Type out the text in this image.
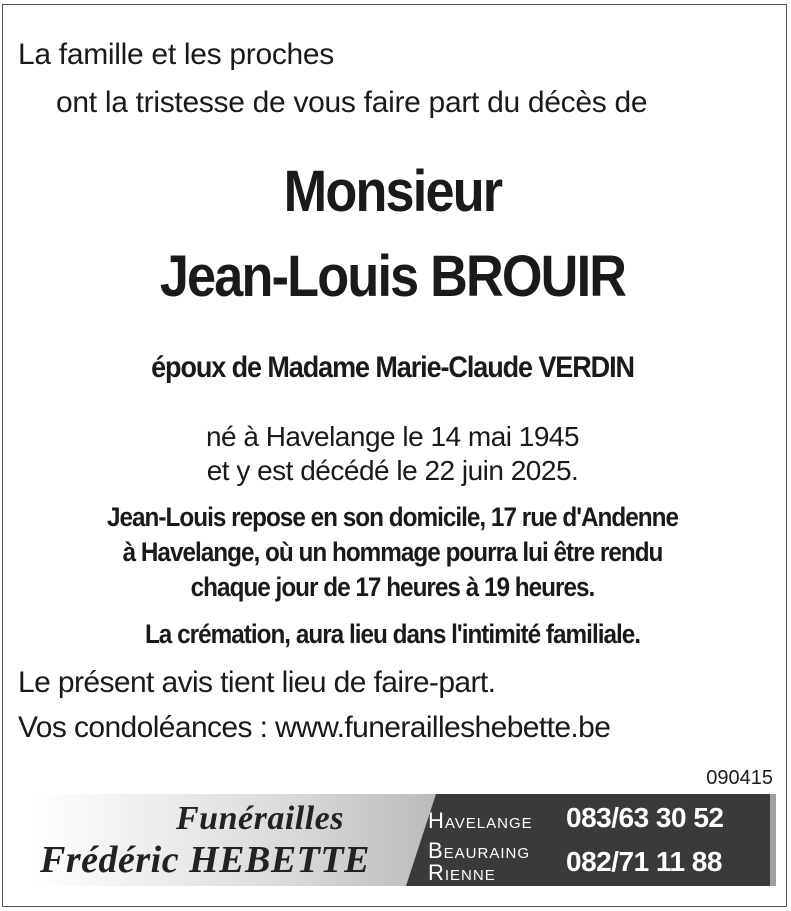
La famille et les proches
ont la tristesse de vous faire part du décès de
Monsieur
Jean-Louis BROUIR
époux de Madame Marie-Claude VERDIN
né à Havelange le 14 mai 1945
et y est décédé le 22 juin 2025.
Jean-Louis repose en son domicile, 17 rue d'Andenne
à Havelange, où un hommage pourra lui être rendu
chaque jour de 17 heures à 19 heures.
La crémation, aura lieu dans l'intimité familiale.
Le présent avis tient lieu de faire-part.
Vos condoléances : www.funerailleshebette.be
090415
Funérailles
Frédéric HEBETTE
Havelange 083/63 30 52
Beauraing
Rienne	082/71 11 88
